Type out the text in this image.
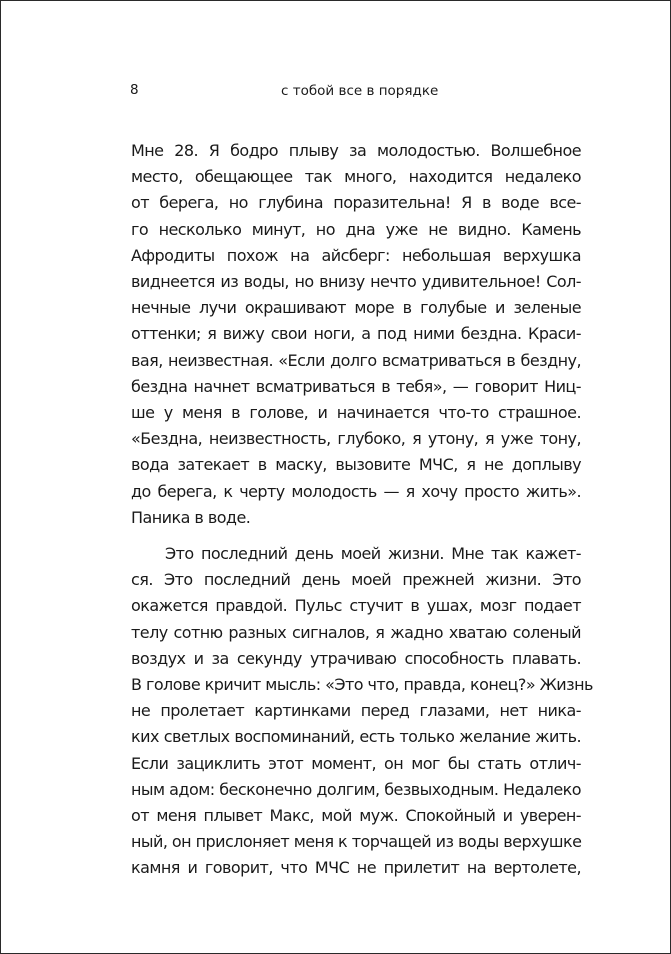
8	с тобой все в порядке
Мне 28. Я бодро плыву за молодостью. Волшебное
место, обещающее так много, находится недалеко
от берега, но глубина поразительна! Я в воде все-
го несколько минут, но дна уже не видно. Камень
Афродиты похож на айсберг: небольшая верхушка
виднеется из воды, но внизу нечто удивительное! Сол-
нечные лучи окрашивают море в голубые и зеленые
оттенки; я вижу свои ноги, а под ними бездна. Краси-
вая, неизвестная. «Если долго всматриваться в бездну,
бездна начнет всматриваться в тебя», — говорит Ниц-
ше у меня в голове, и начинается что-то страшное.
«Бездна, неизвестность, глубоко, я утону, я уже тону,
вода затекает в маску, вызовите МЧС, я не доплыву
до берега, к черту молодость — я хочу просто жить».
Паника в воде.
Это последний день моей жизни. Мне так кажет-
ся. Это последний день моей прежней жизни. Это
окажется правдой. Пульс стучит в ушах, мозг подает
телу сотню разных сигналов, я жадно хватаю соленый
воздух и за секунду утрачиваю способность плавать.
В голове кричит мысль: «Это что, правда, конец?» Жизнь
не пролетает картинками перед глазами, нет ника-
ких светлых воспоминаний, есть только желание жить.
Если зациклить этот момент, он мог бы стать отлич-
ным адом: бесконечно долгим, безвыходным. Недалеко
от меня плывет Макс, мой муж. Спокойный и уверен-
ный, он прислоняет меня к торчащей из воды верхушке
камня и говорит, что МЧС не прилетит на вертолете,
